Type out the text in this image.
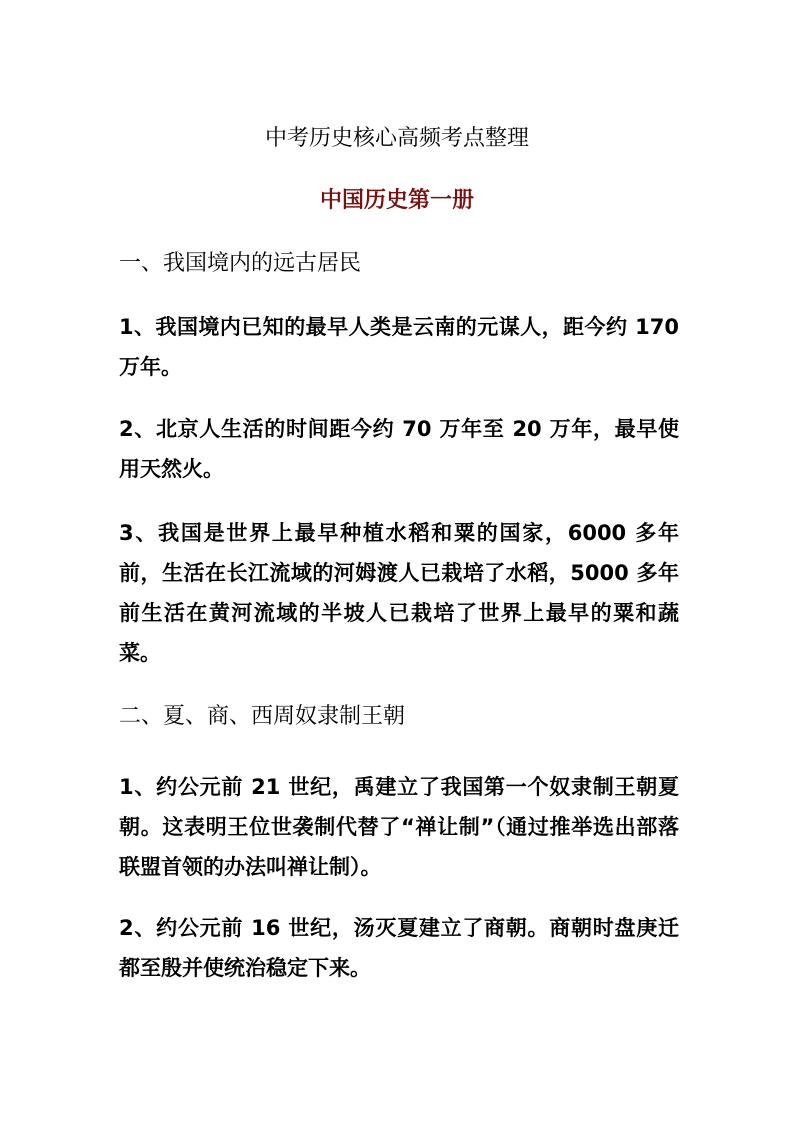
中考历史核心高频考点整理
中国历史第一册
一、我国境内的远古居民

1、我国境内已知的最早人类是云南的元谋人，距今约 170 万年。

2、北京人生活的时间距今约 70 万年至 20 万年，最早使用天然火。

3、我国是世界上最早种植水稻和粟的国家，6000 多年前，生活在长江流域的河姆渡人已栽培了水稻，5000 多年前生活在黄河流域的半坡人已栽培了世界上最早的粟和蔬菜。

二、夏、商、西周奴隶制王朝

1、约公元前 21 世纪，禹建立了我国第一个奴隶制王朝夏朝。这表明王位世袭制代替了“禅让制”（通过推举选出部落联盟首领的办法叫禅让制）。

2、约公元前 16 世纪，汤灭夏建立了商朝。商朝时盘庚迁都至殷并使统治稳定下来。
